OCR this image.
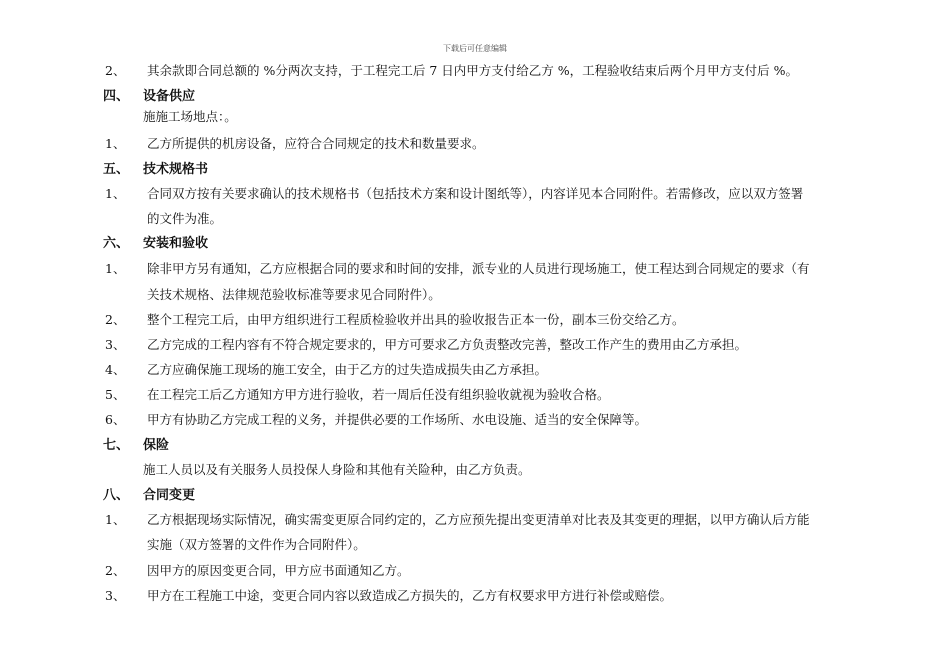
下载后可任意编辑
2、	其余款即合同总额的 %分两次支持，于工程完工后 7 日内甲方支付给乙方 %，工程验收结束后两个月甲方支付后 %。
四、 设备供应
施施工场地点：。
1、	乙方所提供的机房设备，应符合合同规定的技术和数量要求。
五、 技术规格书
1、	合同双方按有关要求确认的技术规格书（包括技术方案和设计图纸等），内容详见本合同附件。若需修改，应以双方签署
的文件为准。
六、 安装和验收
1、	除非甲方另有通知，乙方应根据合同的要求和时间的安排，派专业的人员进行现场施工，使工程达到合同规定的要求（有
关技术规格、法律规范验收标准等要求见合同附件）。
2、	整个工程完工后，由甲方组织进行工程质检验收并出具的验收报告正本一份，副本三份交给乙方。
3、	乙方完成的工程内容有不符合规定要求的，甲方可要求乙方负责整改完善，整改工作产生的费用由乙方承担。
4、	乙方应确保施工现场的施工安全，由于乙方的过失造成损失由乙方承担。
5、	在工程完工后乙方通知方甲方进行验收，若一周后任没有组织验收就视为验收合格。
6、	甲方有协助乙方完成工程的义务，并提供必要的工作场所、水电设施、适当的安全保障等。
七、 保险
施工人员以及有关服务人员投保人身险和其他有关险种，由乙方负责。
八、 合同变更
1、	乙方根据现场实际情况，确实需变更原合同约定的，乙方应预先提出变更清单对比表及其变更的理据，以甲方确认后方能
实施（双方签署的文件作为合同附件）。
2、	因甲方的原因变更合同，甲方应书面通知乙方。
3、	甲方在工程施工中途，变更合同内容以致造成乙方损失的，乙方有权要求甲方进行补偿或赔偿。
